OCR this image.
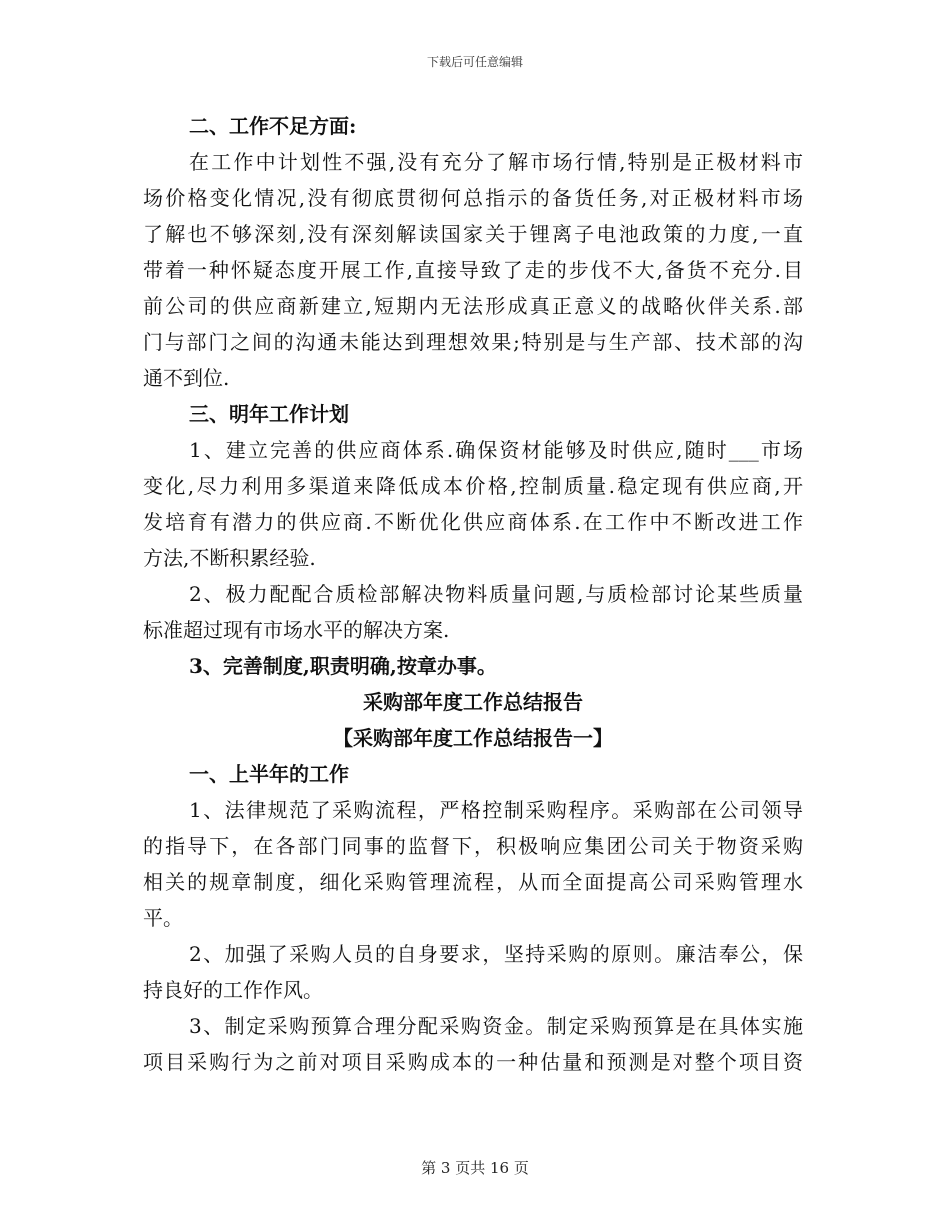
下载后可任意编辑
二、工作不足方面:
在工作中计划性不强,没有充分了解市场行情,特别是正极材料市
场价格变化情况,没有彻底贯彻何总指示的备货任务,对正极材料市场
了解也不够深刻,没有深刻解读国家关于锂离子电池政策的力度,一直
带着一种怀疑态度开展工作,直接导致了走的步伐不大,备货不充分.目
前公司的供应商新建立,短期内无法形成真正意义的战略伙伴关系.部
门与部门之间的沟通未能达到理想效果;特别是与生产部、技术部的沟
通不到位.
三、明年工作计划
1、建立完善的供应商体系.确保资材能够及时供应,随时___市场
变化,尽力利用多渠道来降低成本价格,控制质量.稳定现有供应商,开
发培育有潜力的供应商.不断优化供应商体系.在工作中不断改进工作
方法,不断积累经验.
2、极力配配合质检部解决物料质量问题,与质检部讨论某些质量
标准超过现有市场水平的解决方案.
3、完善制度,职责明确,按章办事。
采购部年度工作总结报告
【采购部年度工作总结报告一】
一、上半年的工作
1、法律规范了采购流程，严格控制采购程序。采购部在公司领导
的指导下，在各部门同事的监督下，积极响应集团公司关于物资采购
相关的规章制度，细化采购管理流程，从而全面提高公司采购管理水
平。
2、加强了采购人员的自身要求，坚持采购的原则。廉洁奉公，保
持良好的工作作风。
3、制定采购预算合理分配采购资金。制定采购预算是在具体实施
项目采购行为之前对项目采购成本的一种估量和预测是对整个项目资
第 3 页共 16 页
